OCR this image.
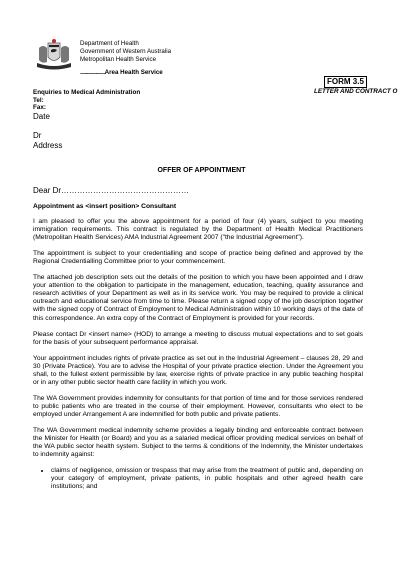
Department of Health
Government of Western Australia
Metropolitan Health Service
......................Area Health Service
FORM 3.5
LETTER AND CONTRACT O
Enquiries to Medical Administration
Tel:
Fax:
Date
Dr
Address
OFFER OF APPOINTMENT
Dear Dr…………………………………………

Appointment as <insert position> Consultant

I am pleased to offer you the above appointment for a period of four (4) years, subject to you meeting immigration requirements. This contract is regulated by the Department of Health Medical Practitioners (Metropolitan Health Services) AMA Industrial Agreement 2007 ("the Industrial Agreement").

The appointment is subject to your credentialling and scope of practice being defined and approved by the Regional Credentialling Committee prior to your commencement.

The attached job description sets out the details of the position to which you have been appointed and I draw your attention to the obligation to participate in the management, education, teaching, quality assurance and research activities of your Department as well as in its service work. You may be required to provide a clinical outreach and educational service from time to time. Please return a signed copy of the job description together with the signed copy of Contract of Employment to Medical Administration within 10 working days of the date of this correspondence. An extra copy of the Contract of Employment is provided for your records.

Please contact Dr <insert name> (HOD) to arrange a meeting to discuss mutual expectations and to set goals for the basis of your subsequent performance appraisal.

Your appointment includes rights of private practice as set out in the Industrial Agreement – clauses 28, 29 and 30 (Private Practice). You are to advise the Hospital of your private practice election. Under the Agreement you shall, to the fullest extent permissible by law, exercise rights of private practice in any public teaching hospital or in any other public sector health care facility in which you work.

The WA Government provides indemnity for consultants for that portion of time and for those services rendered to public patients who are treated in the course of their employment. However, consultants who elect to be employed under Arrangement A are indemnified for both public and private patients.

The WA Government medical indemnity scheme provides a legally binding and enforceable contract between the Minister for Health (or Board) and you as a salaried medical officer providing medical services on behalf of the WA public sector health system. Subject to the terms & conditions of the Indemnity, the Minister undertakes to indemnity against:

• claims of negligence, omission or trespass that may arise from the treatment of public and, depending on your category of employment, private patients, in public hospitals and other agreed health care institutions; and
